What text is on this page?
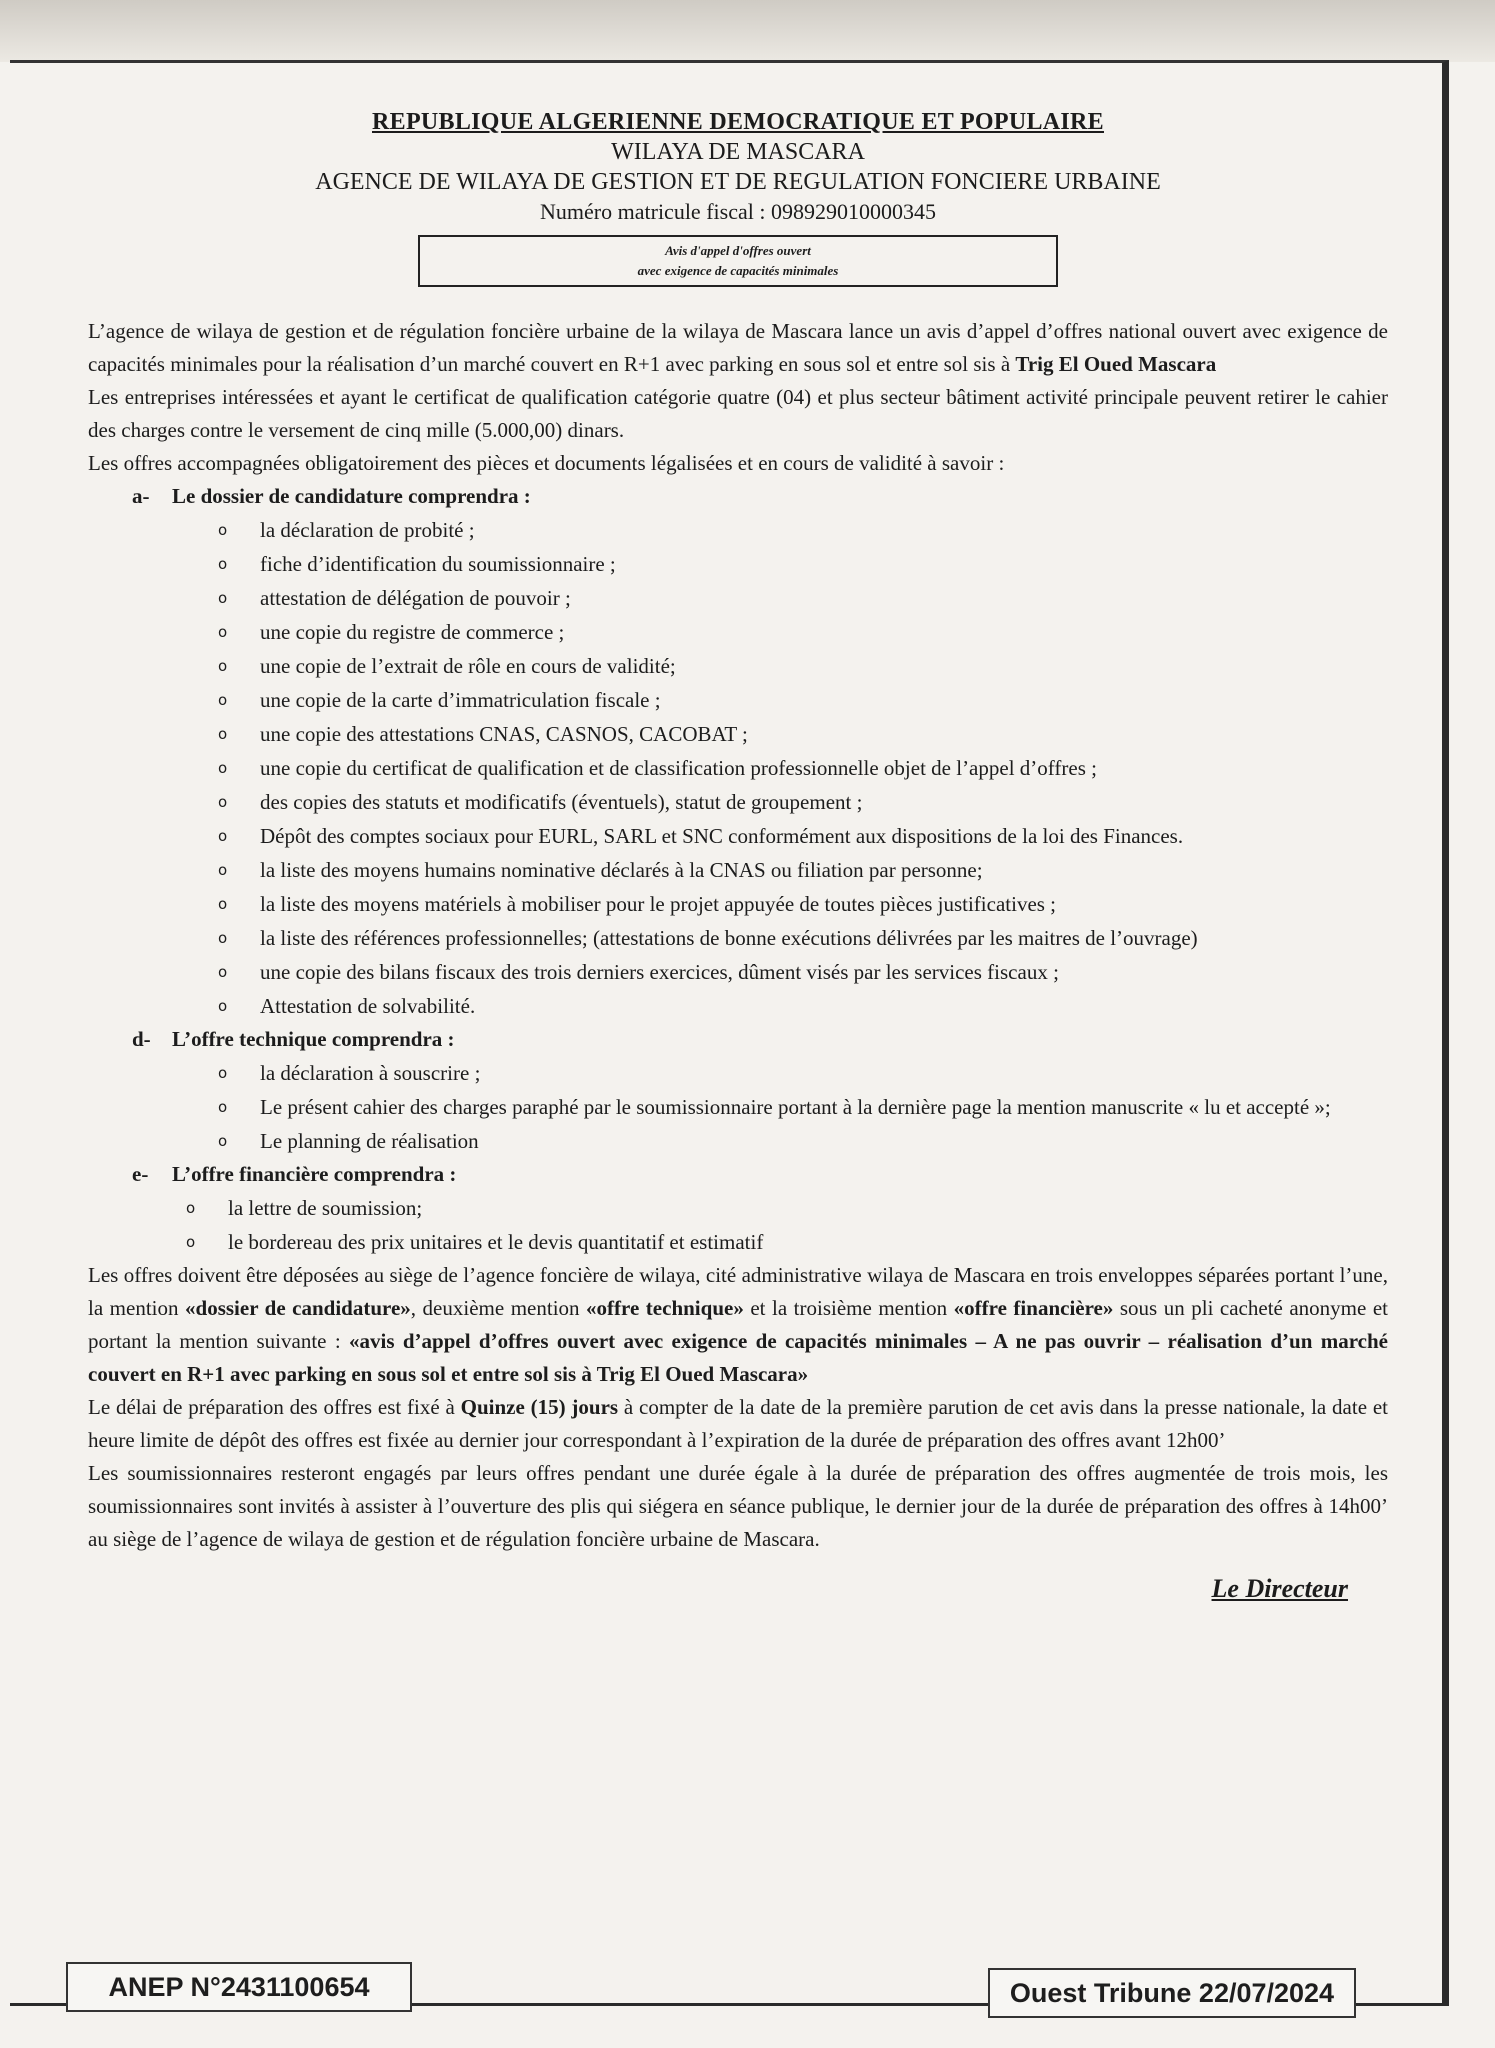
REPUBLIQUE ALGERIENNE DEMOCRATIQUE ET POPULAIRE
WILAYA DE MASCARA
AGENCE DE WILAYA DE GESTION ET DE REGULATION FONCIERE URBAINE
Numéro matricule fiscal : 098929010000345
Avis d'appel d'offres ouvert
avec exigence de capacités minimales

L’agence de wilaya de gestion et de régulation foncière urbaine de la wilaya de Mascara lance un avis d’appel d’offres national ouvert avec exigence de capacités minimales pour la réalisation d’un marché couvert en R+1 avec parking en sous sol et entre sol sis à Trig El Oued Mascara

Les entreprises intéressées et ayant le certificat de qualification catégorie quatre (04) et plus secteur bâtiment activité principale peuvent retirer le cahier des charges contre le versement de cinq mille (5.000,00) dinars.

Les offres accompagnées obligatoirement des pièces et documents légalisées et en cours de validité à savoir :

a- Le dossier de candidature comprendra :
o la déclaration de probité ;
o fiche d’identification du soumissionnaire ;
o attestation de délégation de pouvoir ;
o une copie du registre de commerce ;
o une copie de l’extrait de rôle en cours de validité;
o une copie de la carte d’immatriculation fiscale ;
o une copie des attestations CNAS, CASNOS, CACOBAT ;
o une copie du certificat de qualification et de classification professionnelle objet de l’appel d’offres ;
o des copies des statuts et modificatifs (éventuels), statut de groupement ;
o Dépôt des comptes sociaux pour EURL, SARL et SNC conformément aux dispositions de la loi des Finances.
o la liste des moyens humains nominative déclarés à la CNAS ou filiation par personne;
o la liste des moyens matériels à mobiliser pour le projet appuyée de toutes pièces justificatives ;
o la liste des références professionnelles; (attestations de bonne exécutions délivrées par les maitres de l’ouvrage)
o une copie des bilans fiscaux des trois derniers exercices, dûment visés par les services fiscaux ;
o Attestation de solvabilité.
d- L’offre technique comprendra :
o la déclaration à souscrire ;
o Le présent cahier des charges paraphé par le soumissionnaire portant à la dernière page la mention manuscrite « lu et accepté »;
o Le planning de réalisation
e- L’offre financière comprendra :
o la lettre de soumission;
o le bordereau des prix unitaires et le devis quantitatif et estimatif

Les offres doivent être déposées au siège de l’agence foncière de wilaya, cité administrative wilaya de Mascara en trois enveloppes séparées portant l’une, la mention «dossier de candidature», deuxième mention «offre technique» et la troisième mention «offre financière» sous un pli cacheté anonyme et portant la mention suivante : «avis d’appel d’offres ouvert avec exigence de capacités minimales – A ne pas ouvrir – réalisation d’un marché couvert en R+1 avec parking en sous sol et entre sol sis à Trig El Oued Mascara»

Le délai de préparation des offres est fixé à Quinze (15) jours à compter de la date de la première parution de cet avis dans la presse nationale, la date et heure limite de dépôt des offres est fixée au dernier jour correspondant à l’expiration de la durée de préparation des offres avant 12h00’

Les soumissionnaires resteront engagés par leurs offres pendant une durée égale à la durée de préparation des offres augmentée de trois mois, les soumissionnaires sont invités à assister à l’ouverture des plis qui siégera en séance publique, le dernier jour de la durée de préparation des offres à 14h00’ au siège de l’agence de wilaya de gestion et de régulation foncière urbaine de Mascara.

Le Directeur
ANEP N°2431100654	Ouest Tribune 22/07/2024
